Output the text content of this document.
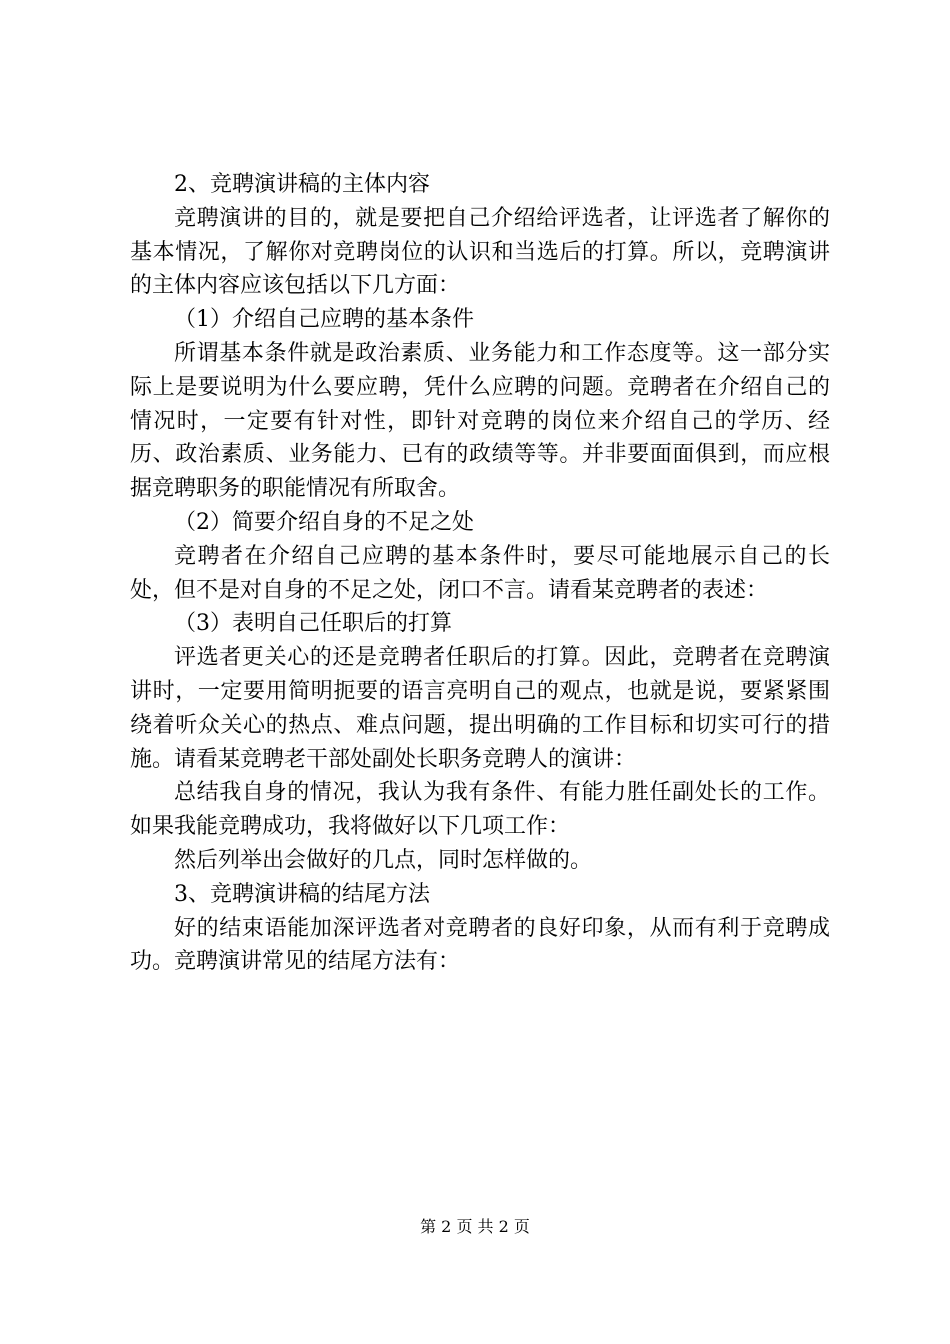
2、竞聘演讲稿的主体内容

竞聘演讲的目的，就是要把自己介绍给评选者，让评选者了解你的基本情况，了解你对竞聘岗位的认识和当选后的打算。所以，竞聘演讲的主体内容应该包括以下几方面：

（1）介绍自己应聘的基本条件

所谓基本条件就是政治素质、业务能力和工作态度等。这一部分实际上是要说明为什么要应聘，凭什么应聘的问题。竞聘者在介绍自己的情况时，一定要有针对性，即针对竞聘的岗位来介绍自己的学历、经历、政治素质、业务能力、已有的政绩等等。并非要面面俱到，而应根据竞聘职务的职能情况有所取舍。

（2）简要介绍自身的不足之处

竞聘者在介绍自己应聘的基本条件时，要尽可能地展示自己的长处，但不是对自身的不足之处，闭口不言。请看某竞聘者的表述：

（3）表明自己任职后的打算

评选者更关心的还是竞聘者任职后的打算。因此，竞聘者在竞聘演讲时，一定要用简明扼要的语言亮明自己的观点，也就是说，要紧紧围绕着听众关心的热点、难点问题，提出明确的工作目标和切实可行的措施。请看某竞聘老干部处副处长职务竞聘人的演讲：

总结我自身的情况，我认为我有条件、有能力胜任副处长的工作。如果我能竞聘成功，我将做好以下几项工作：

然后列举出会做好的几点，同时怎样做的。

3、竞聘演讲稿的结尾方法

好的结束语能加深评选者对竞聘者的良好印象，从而有利于竞聘成功。竞聘演讲常见的结尾方法有：

第 2 页 共 2 页
